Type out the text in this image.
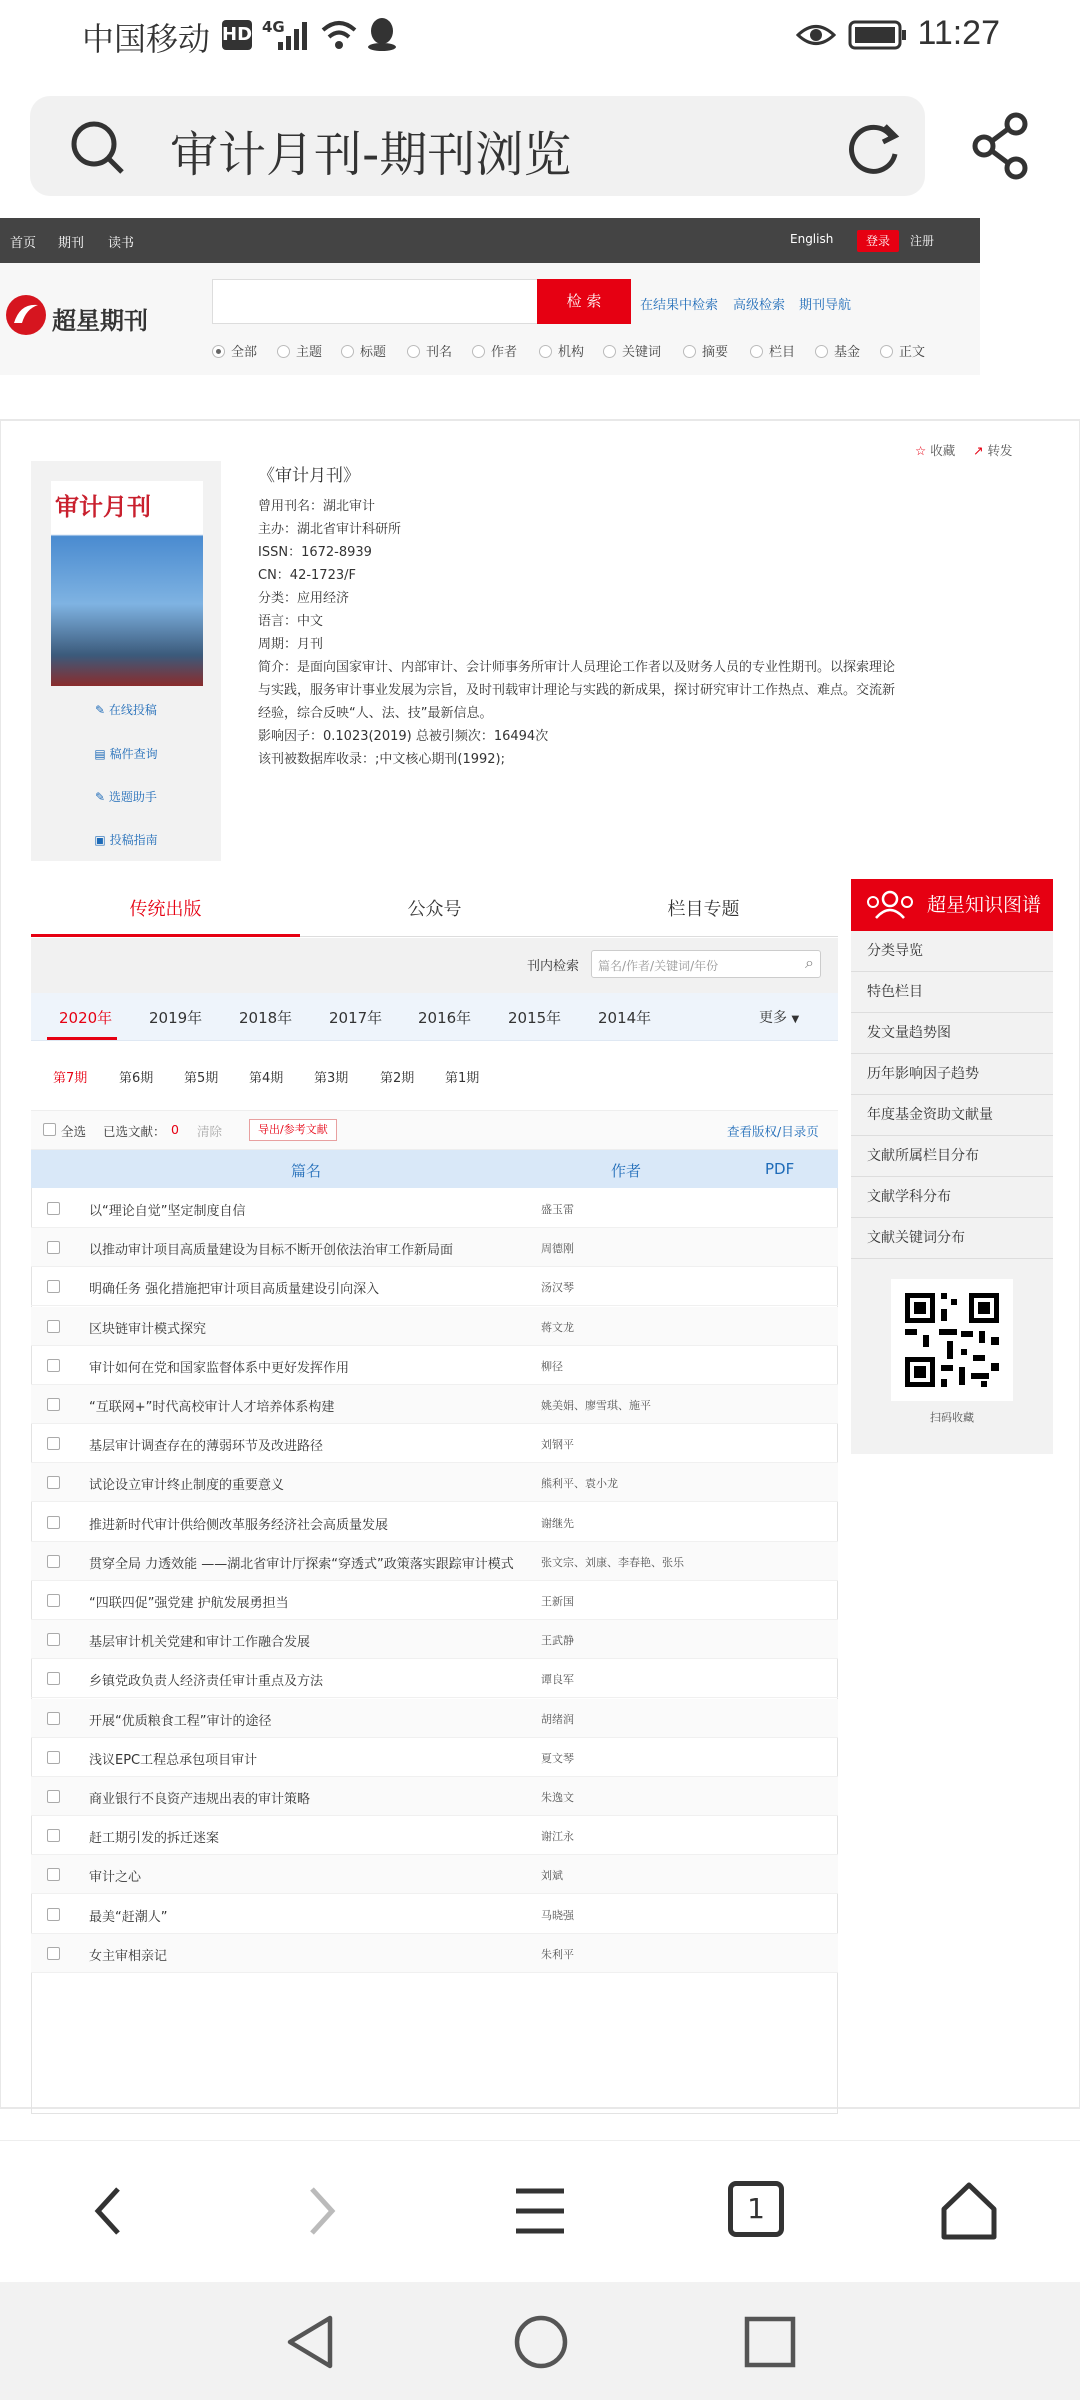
中国移动 HD 4G	11:27
审计月刊-期刊浏览
首页 期刊 读书	English	登录	注册
超星期刊
检 索	在结果中检索 高级检索 期刊导航
全部	主题	标题	刊名	作者	机构	关键词	摘要	栏目	基金	正文
☆ 收藏 ↗ 转发
审计月刊
✎ 在线投稿
▤ 稿件查询
✎ 选题助手
▣ 投稿指南
《审计月刊》
曾用刊名：湖北审计
主办：湖北省审计科研所
ISSN：1672-8939
CN：42-1723/F
分类：应用经济
语言：中文
周期：月刊
简介：是面向国家审计、内部审计、会计师事务所审计人员理论工作者以及财务人员的专业性期刊。以探索理论
与实践，服务审计事业发展为宗旨，及时刊载审计理论与实践的新成果，探讨研究审计工作热点、难点。交流新
经验，综合反映“人、法、技”最新信息。
影响因子：0.1023(2019) 总被引频次：16494次
该刊被数据库收录：;中文核心期刊(1992);
传统出版	公众号	栏目专题
刊内检索 篇名/作者/关键词/年份	⌕
2020年 2019年 2018年 2017年 2016年 2015年 2014年	更多 ▼
第7期 第6期 第5期 第4期 第3期 第2期 第1期
全选 已选文献： 0 清除	导出/参考文献	查看版权/目录页
篇名	作者	PDF
以“理论自觉”坚定制度自信	盛玉雷
以推动审计项目高质量建设为目标不断开创依法治审工作新局面	周德刚
明确任务 强化措施把审计项目高质量建设引向深入	汤汉琴
区块链审计模式探究	蒋文龙
审计如何在党和国家监督体系中更好发挥作用	柳径
“互联网+”时代高校审计人才培养体系构建	姚美娟、廖雪琪、施平
基层审计调查存在的薄弱环节及改进路径	刘钢平
试论设立审计终止制度的重要意义	熊利平、袁小龙
推进新时代审计供给侧改革服务经济社会高质量发展	谢继先
贯穿全局 力透效能 ——湖北省审计厅探索“穿透式”政策落实跟踪审计模式 张文宗、刘康、李春艳、张乐
“四联四促”强党建 护航发展勇担当	王新国
基层审计机关党建和审计工作融合发展	王武静
乡镇党政负责人经济责任审计重点及方法	谭良军
开展“优质粮食工程”审计的途径	胡绪润
浅议EPC工程总承包项目审计	夏文琴
商业银行不良资产违规出表的审计策略	朱逸文
赶工期引发的拆迁迷案	谢江永
审计之心	刘斌
最美“赶潮人”	马晓强
女主审相亲记	朱利平
超星知识图谱
分类导览
特色栏目
发文量趋势图
历年影响因子趋势
年度基金资助文献量
文献所属栏目分布
文献学科分布
文献关键词分布
扫码收藏
1
